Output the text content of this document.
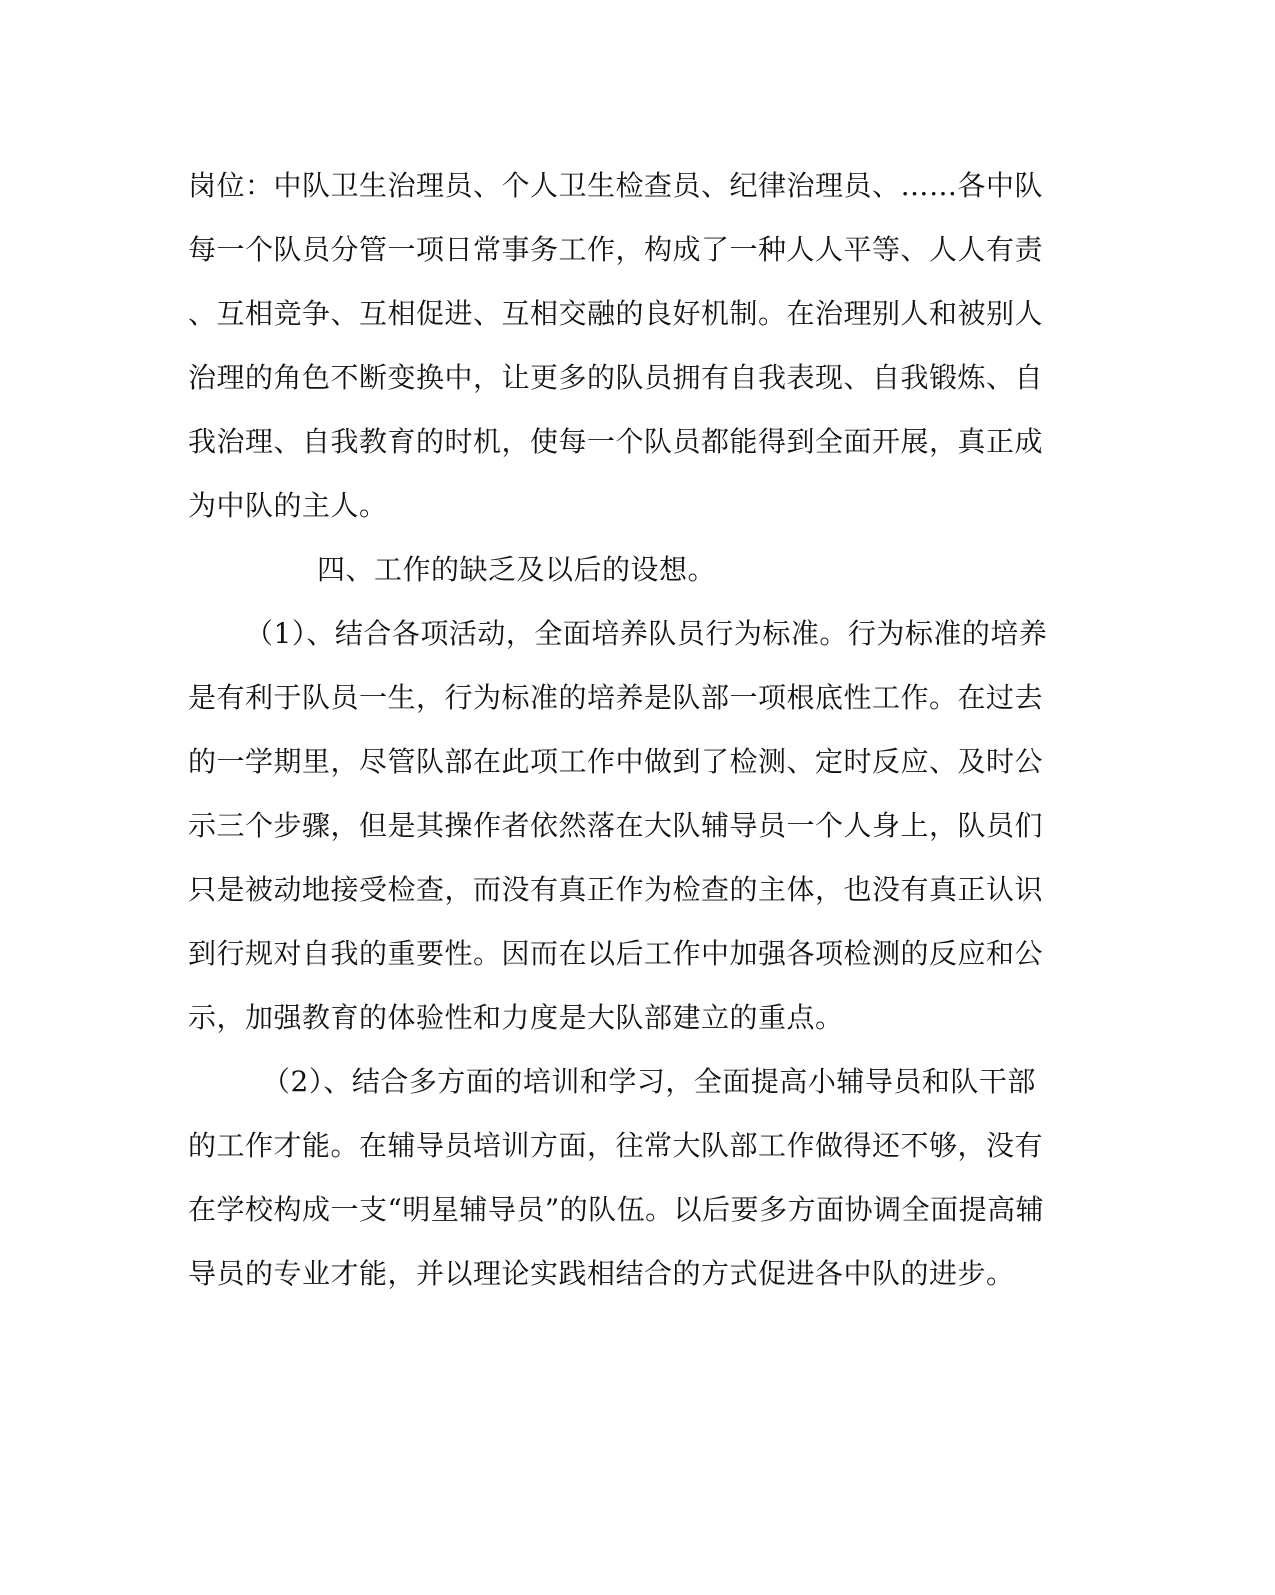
岗位：中队卫生治理员、个人卫生检查员、纪律治理员、……各中队
每一个队员分管一项日常事务工作，构成了一种人人平等、人人有责
、互相竞争、互相促进、互相交融的良好机制。在治理别人和被别人
治理的角色不断变换中，让更多的队员拥有自我表现、自我锻炼、自
我治理、自我教育的时机，使每一个队员都能得到全面开展，真正成
为中队的主人。
四、工作的缺乏及以后的设想。
（1）、结合各项活动，全面培养队员行为标准。行为标准的培养
是有利于队员一生，行为标准的培养是队部一项根底性工作。在过去
的一学期里，尽管队部在此项工作中做到了检测、定时反应、及时公
示三个步骤，但是其操作者依然落在大队辅导员一个人身上，队员们
只是被动地接受检查，而没有真正作为检查的主体，也没有真正认识
到行规对自我的重要性。因而在以后工作中加强各项检测的反应和公
示，加强教育的体验性和力度是大队部建立的重点。
（2）、结合多方面的培训和学习，全面提高小辅导员和队干部
的工作才能。在辅导员培训方面，往常大队部工作做得还不够，没有
在学校构成一支“明星辅导员”的队伍。以后要多方面协调全面提高辅
导员的专业才能，并以理论实践相结合的方式促进各中队的进步。
